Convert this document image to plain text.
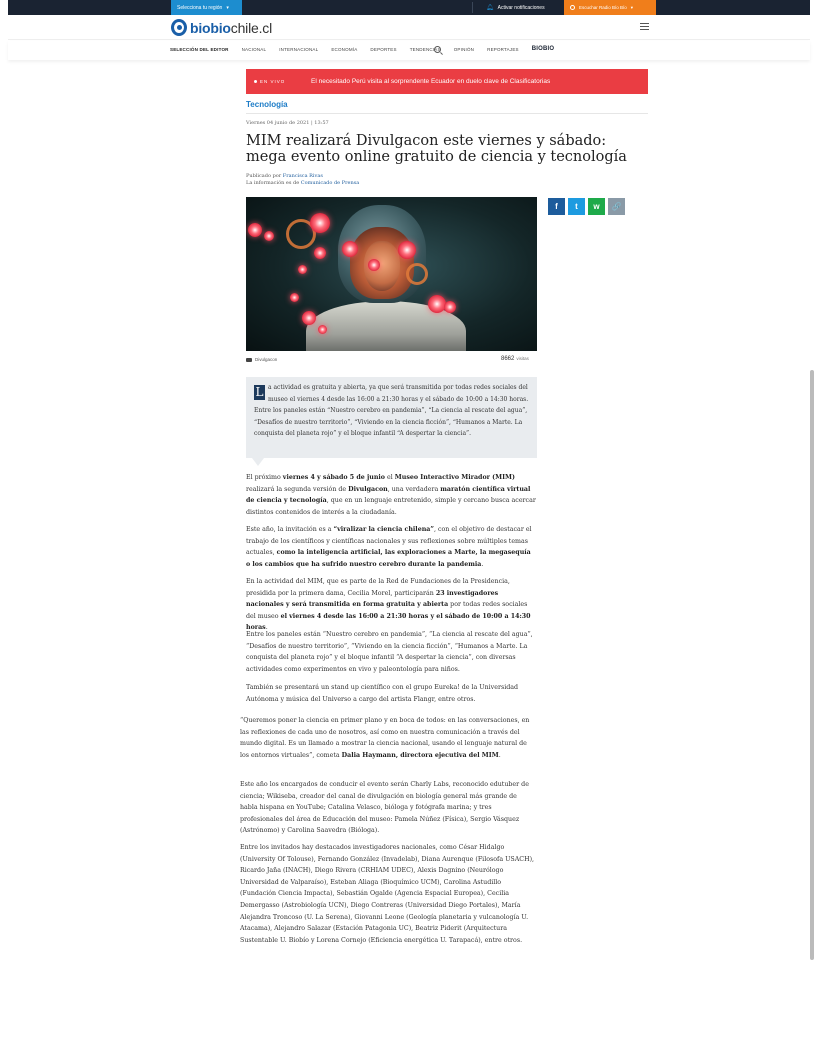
Selecciona tu región ▾	🔔︎ Activar notificaciones	Escuchar Radio Bío Bío ▾
biobiochile.cl
SELECCIÓN DEL EDITOR	NACIONAL	INTERNACIONAL	ECONOMÍA	DEPORTES	TENDENCIAS	OPINIÓN	REPORTAJES BIOBIO
EN VIVO	El necesitado Perú visita al sorprendente Ecuador en duelo clave de Clasificatorias
Tecnología
Viernes 04 junio de 2021 | 13:57
MIM realizará Divulgacon este viernes y sábado: mega evento online gratuito de ciencia y tecnología
Publicado por Francisca Rivas
La información es de Comunicado de Prensa
Divulgacon	8662 visitas
f	t	w	🔗
L a actividad es gratuita y abierta, ya que será transmitida por todas redes sociales del museo el viernes 4 desde las 16:00 a 21:30 horas y el sábado de 10:00 a 14:30 horas. Entre los paneles están “Nuestro cerebro en pandemia”, “La ciencia al rescate del agua”, “Desafíos de nuestro territorio”, “Viviendo en la ciencia ficción”, “Humanos a Marte. La conquista del planeta rojo” y el bloque infantil “A despertar la ciencia”.

El próximo viernes 4 y sábado 5 de junio el Museo Interactivo Mirador (MIM) realizará la segunda versión de Divulgacon, una verdadera maratón científica virtual de ciencia y tecnología, que en un lenguaje entretenido, simple y cercano busca acercar distintos contenidos de interés a la ciudadanía.

Este año, la invitación es a “viralizar la ciencia chilena”, con el objetivo de destacar el trabajo de los científicos y científicas nacionales y sus reflexiones sobre múltiples temas actuales, como la inteligencia artificial, las exploraciones a Marte, la megasequía o los cambios que ha sufrido nuestro cerebro durante la pandemia.

En la actividad del MIM, que es parte de la Red de Fundaciones de la Presidencia, presidida por la primera dama, Cecilia Morel, participarán 23 investigadores nacionales y será transmitida en forma gratuita y abierta por todas redes sociales del museo el viernes 4 desde las 16:00 a 21:30 horas y el sábado de 10:00 a 14:30 horas.

Entre los paneles están “Nuestro cerebro en pandemia”, “La ciencia al rescate del agua”, “Desafíos de nuestro territorio”, “Viviendo en la ciencia ficción”, “Humanos a Marte. La conquista del planeta rojo” y el bloque infantil “A despertar la ciencia”, con diversas actividades como experimentos en vivo y paleontología para niños.

También se presentará un stand up científico con el grupo Eureka! de la Universidad Autónoma y música del Universo a cargo del artista Flangr, entre otros.

“Queremos poner la ciencia en primer plano y en boca de todos: en las conversaciones, en las reflexiones de cada uno de nosotros, así como en nuestra comunicación a través del mundo digital. Es un llamado a mostrar la ciencia nacional, usando el lenguaje natural de los entornos virtuales”, cometa Dalia Haymann, directora ejecutiva del MIM.

Este año los encargados de conducir el evento serán Charly Labs, reconocido edutuber de ciencia; Wikiseba, creador del canal de divulgación en biología general más grande de habla hispana en YouTube; Catalina Velasco, bióloga y fotógrafa marina; y tres profesionales del área de Educación del museo: Pamela Núñez (Física), Sergio Vásquez (Astrónomo) y Carolina Saavedra (Bióloga).

Entre los invitados hay destacados investigadores nacionales, como César Hidalgo (University Of Tolouse), Fernando González (Invadelab), Diana Aurenque (Filosofa USACH), Ricardo Jaña (INACH), Diego Rivera (CRHIAM UDEC), Alexis Dagnino (Neurólogo Universidad de Valparaíso), Esteban Aliaga (Bioquímico UCM), Carolina Astudillo (Fundación Ciencia Impacta), Sebastián Ogalde (Agencia Espacial Europea), Cecilia Demergasso (Astrobiología UCN), Diego Contreras (Universidad Diego Portales), María Alejandra Troncoso (U. La Serena), Giovanni Leone (Geología planetaria y vulcanología U. Atacama), Alejandro Salazar (Estación Patagonia UC), Beatriz Piderit (Arquitectura Sustentable U. Biobío y Lorena Cornejo (Eficiencia energética U. Tarapacá), entre otros.
